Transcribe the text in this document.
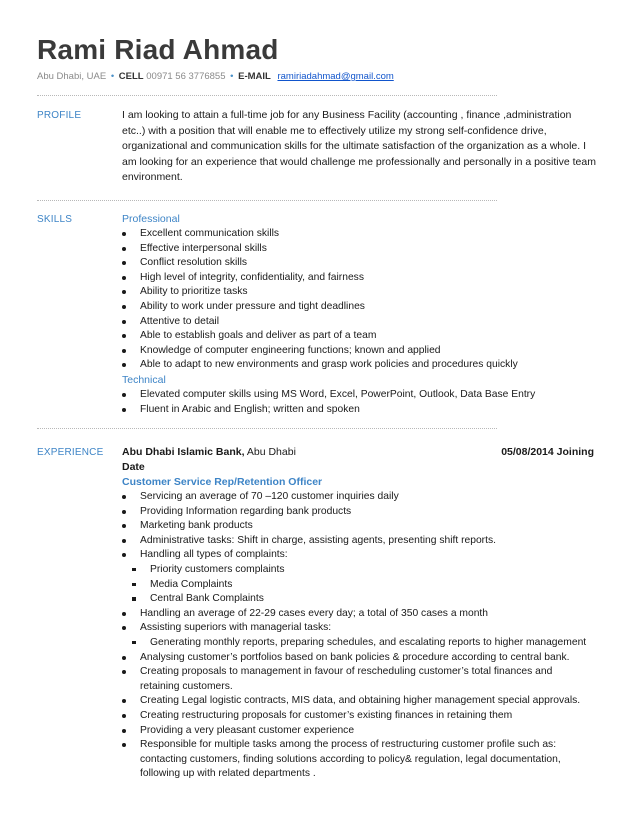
Rami Riad Ahmad
Abu Dhabi, UAE • CELL 00971 56 3776855 • E-MAIL ramiriadahmad@gmail.com
PROFILE	I am looking to attain a full-time job for any Business Facility (accounting , finance ,administration
etc..) with a position that will enable me to effectively utilize my strong self-confidence drive,
organizational and communication skills for the ultimate satisfaction of the organization as a whole. I
am looking for an experience that would challenge me professionally and personally in a positive team
environment.
SKILLS	Professional
Excellent communication skills
Effective interpersonal skills
Conflict resolution skills
High level of integrity, confidentiality, and fairness
Ability to prioritize tasks
Ability to work under pressure and tight deadlines
Attentive to detail
Able to establish goals and deliver as part of a team
Knowledge of computer engineering functions; known and applied
Able to adapt to new environments and grasp work policies and procedures quickly
Technical
Elevated computer skills using MS Word, Excel, PowerPoint, Outlook, Data Base Entry
Fluent in Arabic and English; written and spoken
EXPERIENCE Abu Dhabi Islamic Bank, Abu Dhabi	05/08/2014 Joining
Date
Customer Service Rep/Retention Officer
Servicing an average of 70 –120 customer inquiries daily
Providing Information regarding bank products
Marketing bank products
Administrative tasks: Shift in charge, assisting agents, presenting shift reports.
Handling all types of complaints:
Priority customers complaints
Media Complaints
Central Bank Complaints
Handling an average of 22-29 cases every day; a total of 350 cases a month
Assisting superiors with managerial tasks:
Generating monthly reports, preparing schedules, and escalating reports to higher management
Analysing customer’s portfolios based on bank policies & procedure according to central bank.
Creating proposals to management in favour of rescheduling customer’s total finances and
retaining customers.
Creating Legal logistic contracts, MIS data, and obtaining higher management special approvals.
Creating restructuring proposals for customer’s existing finances in retaining them
Providing a very pleasant customer experience
Responsible for multiple tasks among the process of restructuring customer profile such as:
contacting customers, finding solutions according to policy& regulation, legal documentation,
following up with related departments .
